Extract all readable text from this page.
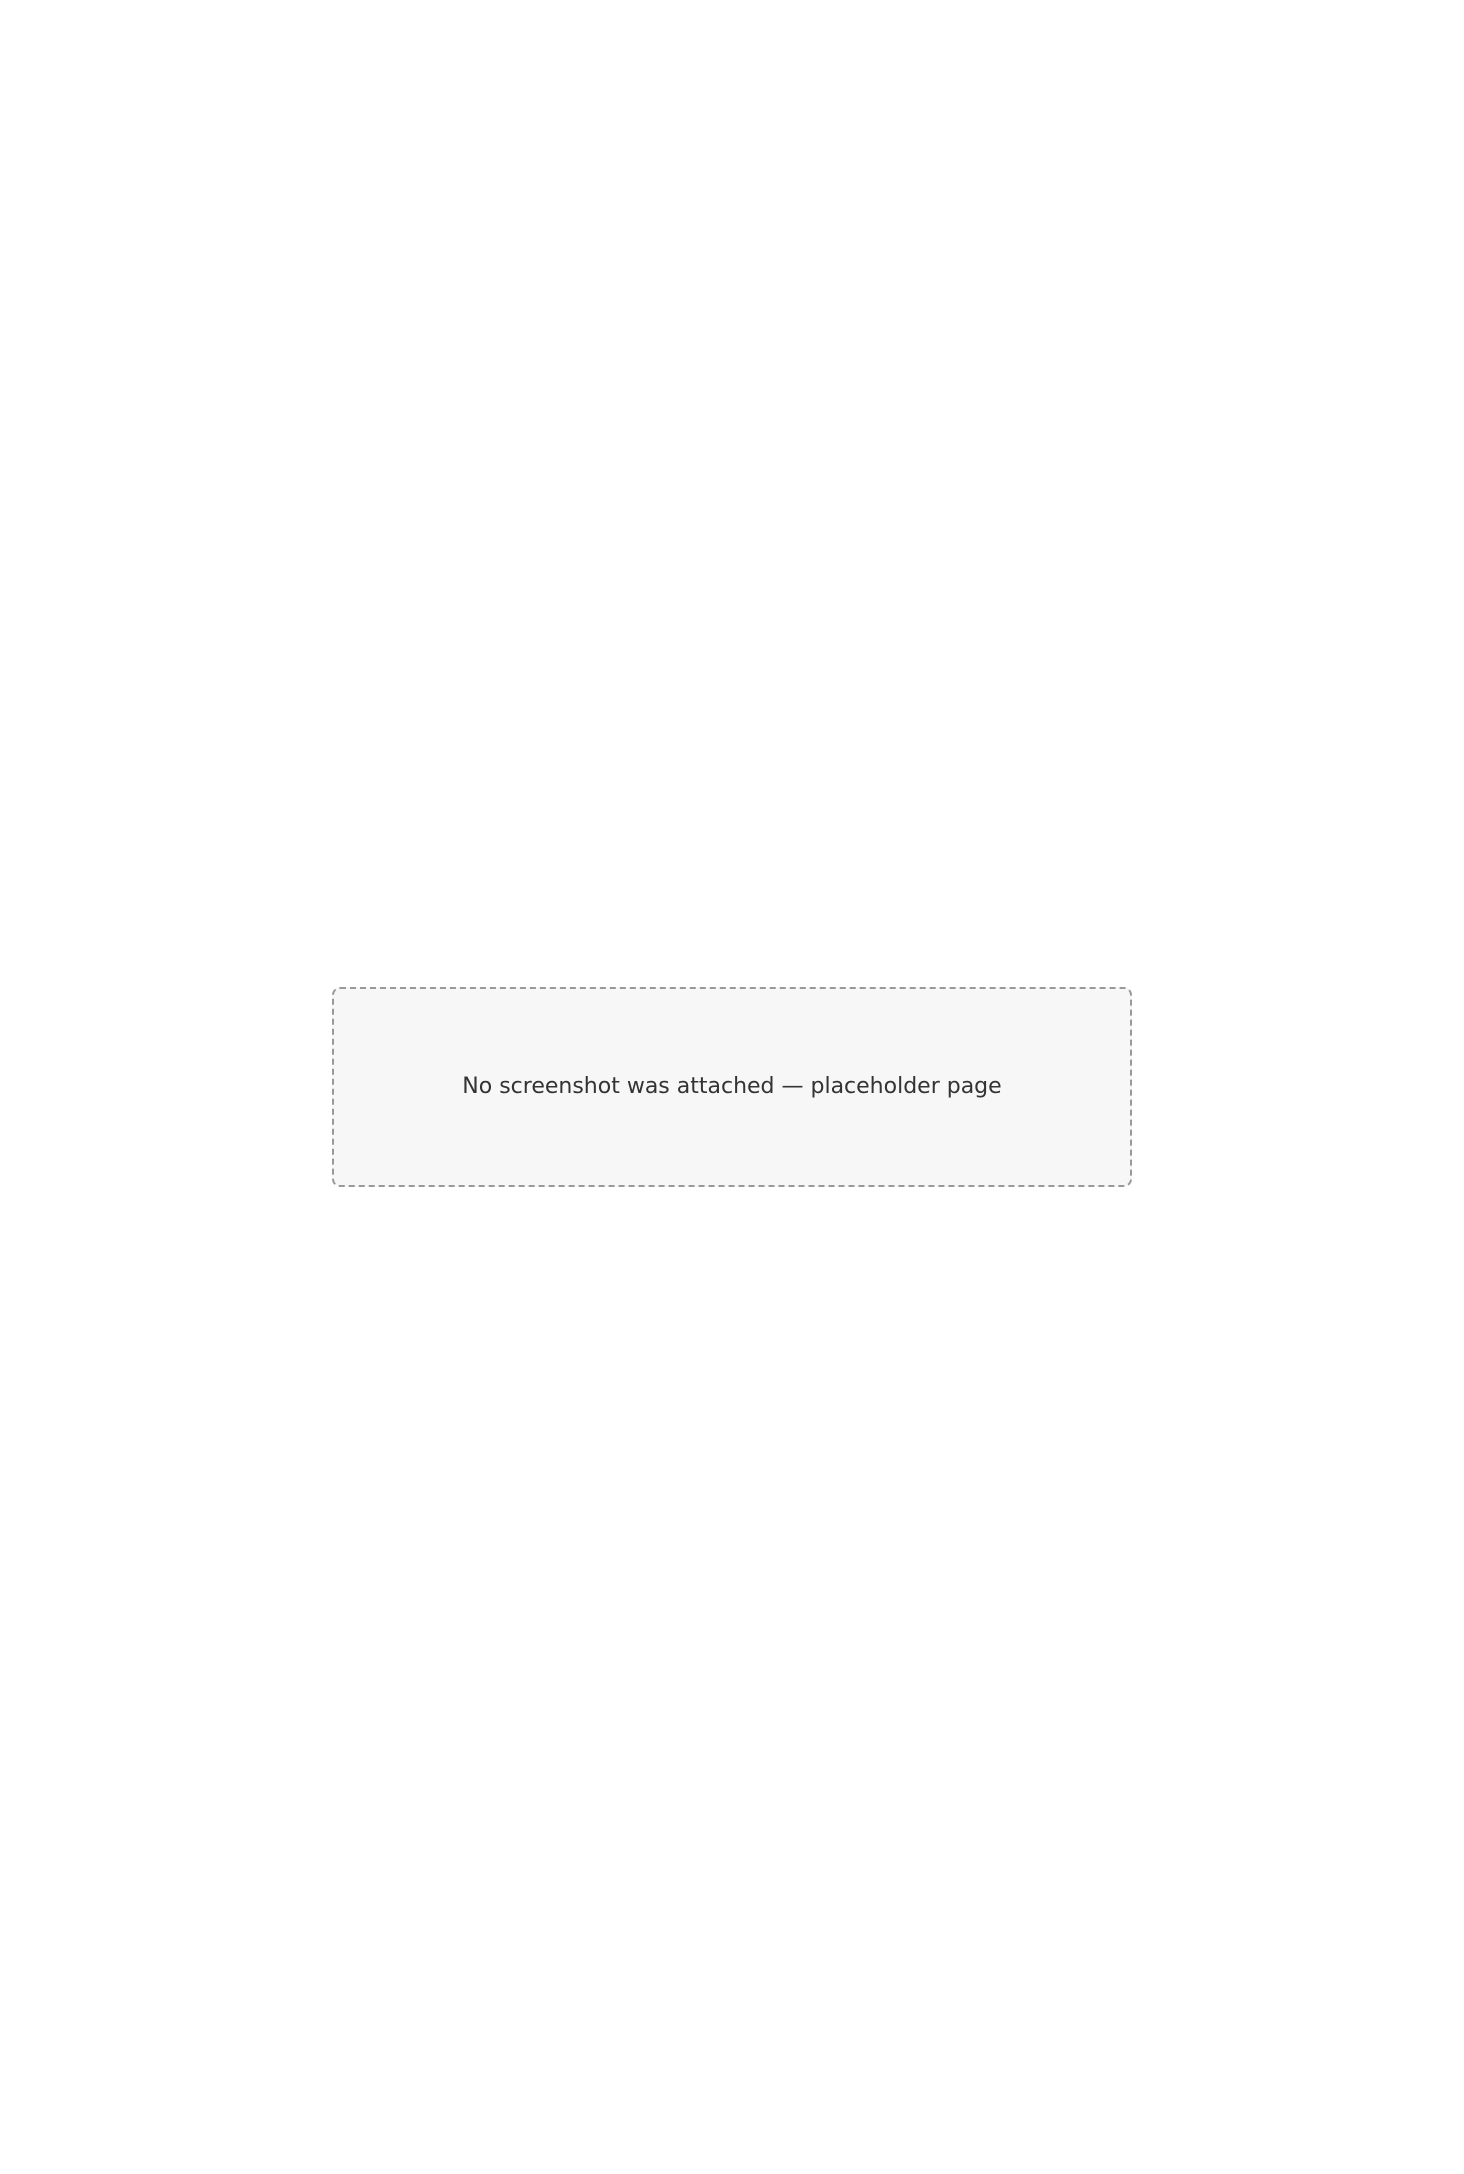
No screenshot was attached — placeholder page
